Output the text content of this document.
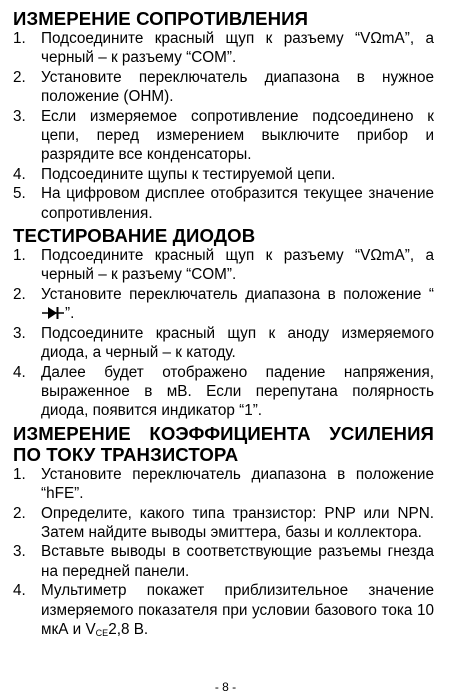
ИЗМЕРЕНИЕ СОПРОТИВЛЕНИЯ
1. Подсоедините красный щуп к разъему “VΩmA”, а черный – к разъему “COM”.
2. Установите переключатель диапазона в нужное положение (OHM).
3. Если измеряемое сопротивление подсоединено к цепи, перед измерением выключите прибор и разрядите все конденсаторы.
4. Подсоедините щупы к тестируемой цепи.
5. На цифровом дисплее отобразится текущее значение сопротивления.
ТЕСТИРОВАНИЕ ДИОДОВ
1. Подсоедините красный щуп к разъему “VΩmA”, а черный – к разъему “COM”.
2. Установите переключатель диапазона в положение “”.
3. Подсоедините красный щуп к аноду измеряемого диода, а черный – к катоду.
4. Далее будет отображено падение напряжения, выраженное в мВ. Если перепутана полярность диода, появится индикатор “1”.
ИЗМЕРЕНИЕ КОЭФФИЦИЕНТА УСИЛЕНИЯ ПО ТОКУ ТРАНЗИСТОРА
1. Установите переключатель диапазона в положение “hFE”.
2. Определите, какого типа транзистор: PNP или NPN. Затем найдите выводы эмиттера, базы и коллектора.
3. Вставьте выводы в соответствующие разъемы гнезда на передней панели.
4. Мультиметр покажет приблизительное значение измеряемого показателя при условии базового тока 10 мкА и $V_{CE}2,8$ В.
- 8 -
